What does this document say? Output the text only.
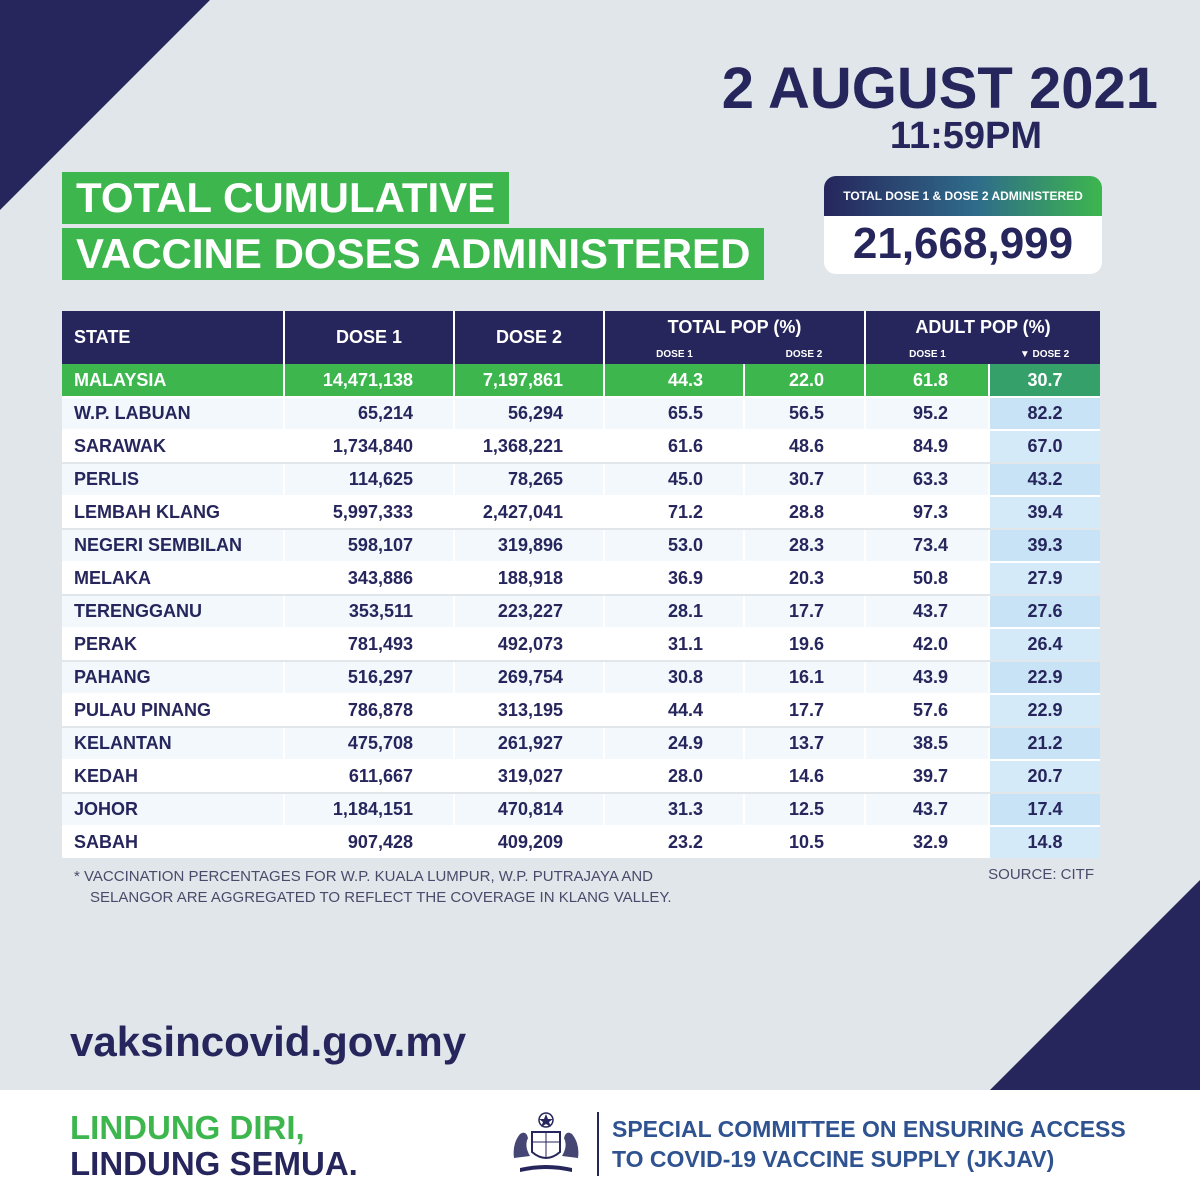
2 AUGUST 2021
11:59PM
TOTAL CUMULATIVE
VACCINE DOSES ADMINISTERED
TOTAL DOSE 1 & DOSE 2 ADMINISTERED
21,668,999
STATE	DOSE 1	DOSE 2	TOTAL POP (%)		ADULT POP (%)	
			DOSE 1	DOSE 2	DOSE 1	▼ DOSE 2
MALAYSIA	14,471,138	7,197,861	44.3	22.0	61.8	30.7
W.P. LABUAN	65,214	56,294	65.5	56.5	95.2	82.2
SARAWAK	1,734,840	1,368,221	61.6	48.6	84.9	67.0
PERLIS	114,625	78,265	45.0	30.7	63.3	43.2
LEMBAH KLANG	5,997,333	2,427,041	71.2	28.8	97.3	39.4
NEGERI SEMBILAN	598,107	319,896	53.0	28.3	73.4	39.3
MELAKA	343,886	188,918	36.9	20.3	50.8	27.9
TERENGGANU	353,511	223,227	28.1	17.7	43.7	27.6
PERAK	781,493	492,073	31.1	19.6	42.0	26.4
PAHANG	516,297	269,754	30.8	16.1	43.9	22.9
PULAU PINANG	786,878	313,195	44.4	17.7	57.6	22.9
KELANTAN	475,708	261,927	24.9	13.7	38.5	21.2
KEDAH	611,667	319,027	28.0	14.6	39.7	20.7
JOHOR	1,184,151	470,814	31.3	12.5	43.7	17.4
SABAH	907,428	409,209	23.2	10.5	32.9	14.8
* VACCINATION PERCENTAGES FOR W.P. KUALA LUMPUR, W.P. PUTRAJAYA AND
SELANGOR ARE AGGREGATED TO REFLECT THE COVERAGE IN KLANG VALLEY.
SOURCE: CITF
vaksincovid.gov.my
LINDUNG DIRI,
LINDUNG SEMUA.
SPECIAL COMMITTEE ON ENSURING ACCESS
TO COVID-19 VACCINE SUPPLY (JKJAV)
